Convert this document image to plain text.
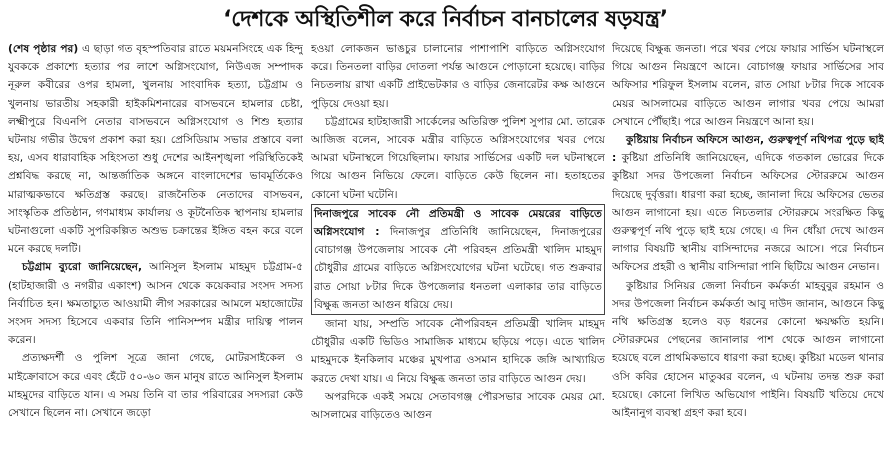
‘দেশকে অস্থিতিশীল করে নির্বাচন বানচালের ষড়যন্ত্র’

(শেষ পৃষ্ঠার পর) এ ছাড়া গত বৃহস্পতিবার রাতে ময়মনসিংহে এক হিন্দু যুবককে প্রকাশ্যে হত্যার পর লাশে অগ্নিসংযোগ, নিউএজ সম্পাদক নূরুল কবীরের ওপর হামলা, খুলনায় সাংবাদিক হত্যা, চট্টগ্রাম ও খুলনায় ভারতীয় সহকারী হাইকমিশনারের বাসভবনে হামলার চেষ্টা, লক্ষ্মীপুরে বিএনপি নেতার বাসভবনে অগ্নিসংযোগ ও শিশু হত্যার ঘটনায় গভীর উদ্বেগ প্রকাশ করা হয়। প্রেসিডিয়াম সভার প্রস্তাবে বলা হয়, এসব ধারাবাহিক সহিংসতা শুধু দেশের আইনশৃঙ্খলা পরিস্থিতিকেই প্রশ্নবিদ্ধ করছে না, আন্তর্জাতিক অঙ্গনে বাংলাদেশের ভাবমূর্তিকেও মারাত্মকভাবে ক্ষতিগ্রস্ত করছে। রাজনৈতিক নেতাদের বাসভবন, সাংস্কৃতিক প্রতিষ্ঠান, গণমাধ্যম কার্যালয় ও কূটনৈতিক স্থাপনায় হামলার ঘটনাগুলো একটি সুপরিকল্পিত অশুভ চক্রান্তের ইঙ্গিত বহন করে বলে মনে করছে দলটি।

চট্টগ্রাম ব্যুরো জানিয়েছেন, আনিসুল ইসলাম মাহমুদ চট্টগ্রাম-৫ (হাটহাজারী ও নগরীর একাংশ) আসন থেকে কয়েকবার সংসদ সদস্য নির্বাচিত হন। ক্ষমতাচ্যুত আওয়ামী লীগ সরকারের আমলে মহাজোটের সংসদ সদস্য হিসেবে একবার তিনি পানিসম্পদ মন্ত্রীর দায়িত্ব পালন করেন।

প্রত্যক্ষদর্শী ও পুলিশ সূত্রে জানা গেছে, মোটরসাইকেল ও মাইক্রোবাসে করে এবং হেঁটে ৫০-৬০ জন মানুষ রাতে আনিসুল ইসলাম মাহমুদের বাড়িতে যান। এ সময় তিনি বা তার পরিবারের সদস্যরা কেউ সেখানে ছিলেন না। সেখানে জড়ো

হওয়া লোকজন ভাঙচুর চালানোর পাশাপাশি বাড়িতে অগ্নিসংযোগ করে। তিনতলা বাড়ির দোতলা পর্যন্ত আগুনে পোড়ানো হয়েছে। বাড়ির নিচতলায় রাখা একটি প্রাইভেটকার ও বাড়ির জেনারেটর কক্ষ আগুনে পুড়িয়ে দেওয়া হয়।

চট্টগ্রামের হাটহাজারী সার্কেলের অতিরিক্ত পুলিশ সুপার মো. তারেক আজিজ বলেন, সাবেক মন্ত্রীর বাড়িতে অগ্নিসংযোগের খবর পেয়ে আমরা ঘটনাস্থলে গিয়েছিলাম। ফায়ার সার্ভিসের একটি দল ঘটনাস্থলে গিয়ে আগুন নিভিয়ে ফেলে। বাড়িতে কেউ ছিলেন না। হতাহতের কোনো ঘটনা ঘটেনি।

দিনাজপুরে সাবেক নৌ প্রতিমন্ত্রী ও সাবেক মেয়রের বাড়িতে অগ্নিসংযোগ : দিনাজপুর প্রতিনিধি জানিয়েছেন, দিনাজপুরের বোচাগঞ্জ উপজেলায় সাবেক নৌ পরিবহন প্রতিমন্ত্রী খালিদ মাহমুদ চৌধুরীর গ্রামের বাড়িতে অগ্নিসংযোগের ঘটনা ঘটেছে। গত শুক্রবার রাত সোয়া ৮টার দিকে উপজেলার ধনতলা এলাকার তার বাড়িতে বিক্ষুব্ধ জনতা আগুন ধরিয়ে দেয়।

জানা যায়, সম্প্রতি সাবেক নৌপরিবহন প্রতিমন্ত্রী খালিদ মাহমুদ চৌধুরীর একটি ভিডিও সামাজিক মাধ্যমে ছড়িয়ে পড়ে। এতে খালিদ মাহমুদকে ইনকিলাব মঞ্চের মুখপাত্র ওসমান হাদিকে জঙ্গি আখ্যায়িত করতে দেখা যায়। এ নিয়ে বিক্ষুব্ধ জনতা তার বাড়িতে আগুন দেয়।

অপরদিকে একই সময়ে সেতাবগঞ্জ পৌরসভার সাবেক মেয়র মো. আসলামের বাড়িতেও আগুন

দিয়েছে বিক্ষুব্ধ জনতা। পরে খবর পেয়ে ফায়ার সার্ভিস ঘটনাস্থলে গিয়ে আগুন নিয়ন্ত্রণে আনে। বোচাগঞ্জ ফায়ার সার্ভিসের সাব অফিসার শরিফুল ইসলাম বলেন, রাত সোয়া ৮টার দিকে সাবেক মেয়র আসলামের বাড়িতে আগুন লাগার খবর পেয়ে আমরা সেখানে পৌঁছাই। পরে আগুন নিয়ন্ত্রণে আনা হয়।

কুষ্টিয়ায় নির্বাচন অফিসে আগুন, গুরুত্বপূর্ণ নথিপত্র পুড়ে ছাই : কুষ্টিয়া প্রতিনিধি জানিয়েছেন, এদিকে গতকাল ভোরের দিকে কুষ্টিয়া সদর উপজেলা নির্বাচন অফিসের স্টোররুমে আগুন দিয়েছে দুর্বৃত্তরা। ধারণা করা হচ্ছে, জানালা দিয়ে অফিসের ভেতর আগুন লাগানো হয়। এতে নিচতলার স্টোররুমে সংরক্ষিত কিছু গুরুত্বপূর্ণ নথি পুড়ে ছাই হয়ে গেছে। এ দিন ধোঁয়া দেখে আগুন লাগার বিষয়টি স্থানীয় বাসিন্দাদের নজরে আসে। পরে নির্বাচন অফিসের প্রহরী ও স্থানীয় বাসিন্দারা পানি ছিটিয়ে আগুন নেভান।

কুষ্টিয়ার সিনিয়র জেলা নির্বাচন কর্মকর্তা মাহবুবুর রহমান ও সদর উপজেলা নির্বাচন কর্মকর্তা আবু দাউদ জানান, আগুনে কিছু নথি ক্ষতিগ্রস্ত হলেও বড় ধরনের কোনো ক্ষয়ক্ষতি হয়নি। স্টোররুমের পেছনের জানালার পাশ থেকে আগুন লাগানো হয়েছে বলে প্রাথমিকভাবে ধারণা করা হচ্ছে। কুষ্টিয়া মডেল থানার ওসি কবির হোসেন মাতুব্বর বলেন, এ ঘটনায় তদন্ত শুরু করা হয়েছে। কোনো লিখিত অভিযোগ পাইনি। বিষয়টি খতিয়ে দেখে আইনানুগ ব্যবস্থা গ্রহণ করা হবে।
